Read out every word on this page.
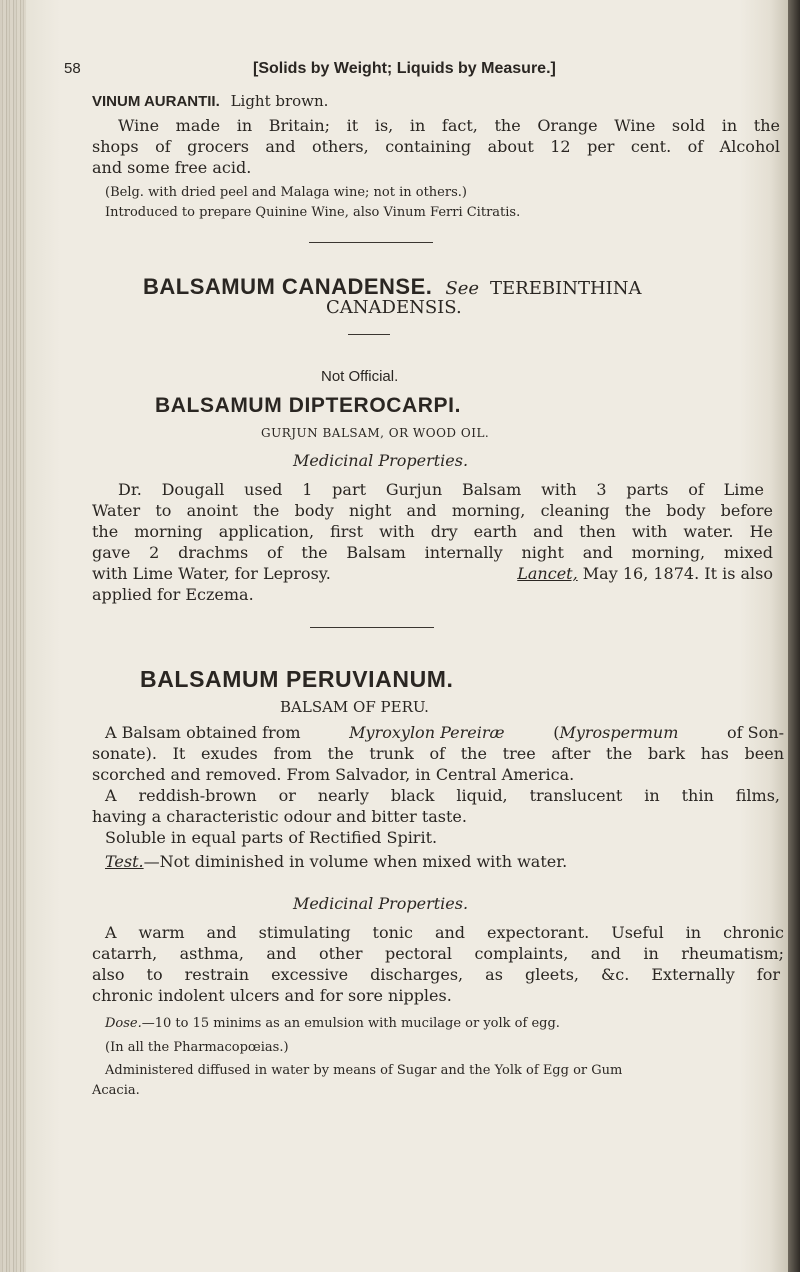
58	[Solids by Weight; Liquids by Measure.]
VINUM AURANTII. Light brown.
Wine made in Britain; it is, in fact, the Orange Wine sold in the
shops of grocers and others, containing about 12 per cent. of Alcohol
and some free acid.
(Belg. with dried peel and Malaga wine; not in others.)
Introduced to prepare Quinine Wine, also Vinum Ferri Citratis.
BALSAMUM CANADENSE. See TEREBINTHINA
CANADENSIS.
Not Official.
BALSAMUM DIPTEROCARPI.
GURJUN BALSAM, OR WOOD OIL.
Medicinal Properties.
Dr. Dougall used 1 part Gurjun Balsam with 3 parts of Lime
Water to anoint the body night and morning, cleaning the body before
the morning application, first with dry earth and then with water. He
gave 2 drachms of the Balsam internally night and morning, mixed
with Lime Water, for Leprosy.	Lancet, May 16, 1874. It is also
applied for Eczema.
BALSAMUM PERUVIANUM.
BALSAM OF PERU.
A Balsam obtained from	Myroxylon Pereiræ	(Myrospermum	of Son-
sonate). It exudes from the trunk of the tree after the bark has been
scorched and removed. From Salvador, in Central America.
A reddish-brown or nearly black liquid, translucent in thin films,
having a characteristic odour and bitter taste.
Soluble in equal parts of Rectified Spirit.
Test.—Not diminished in volume when mixed with water.
Medicinal Properties.
A warm and stimulating tonic and expectorant. Useful in chronic
catarrh, asthma, and other pectoral complaints, and in rheumatism;
also to restrain excessive discharges, as gleets, &c. Externally for
chronic indolent ulcers and for sore nipples.
Dose.—10 to 15 minims as an emulsion with mucilage or yolk of egg.
(In all the Pharmacopœias.)
Administered diffused in water by means of Sugar and the Yolk of Egg or Gum
Acacia.
